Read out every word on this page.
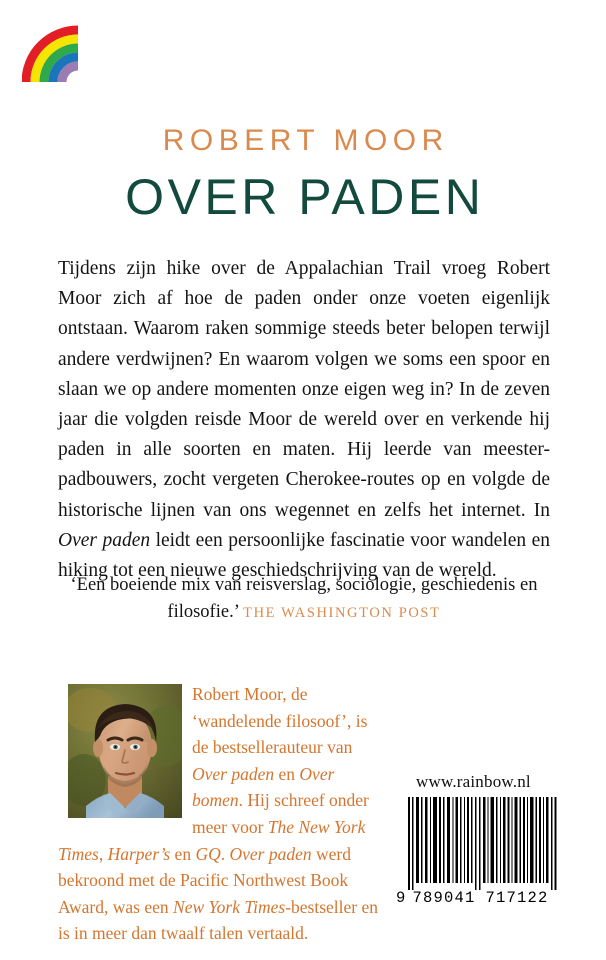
ROBERT MOOR
OVER PADEN
Tijdens zijn hike over de Appalachian Trail vroeg Robert Moor zich af hoe de paden onder onze voeten eigenlijk ontstaan. Waarom raken sommige steeds beter belopen terwijl andere verdwijnen? En waarom volgen we soms een spoor en slaan we op andere momenten onze eigen weg in? In de zeven jaar die volgden reisde Moor de wereld over en verkende hij paden in alle soorten en maten. Hij leerde van meester-padbouwers, zocht vergeten Cherokee-routes op en volgde de historische lijnen van ons wegennet en zelfs het internet. In Over paden leidt een persoonlijke fascinatie voor wandelen en hiking tot een nieuwe geschiedschrijving van de wereld.
‘Een boeiende mix van reisverslag, sociologie, geschiedenis en filosofie.’ THE WASHINGTON POST
Robert Moor, de ‘wandelende filosoof’, is de bestsellerauteur van Over paden en Over bomen. Hij schreef onder meer voor The New York Times, Harper’s en GQ. Over paden werd bekroond met de Pacific Northwest Book Award, was een New York Times-bestseller en is in meer dan twaalf talen vertaald.
www.rainbow.nl
9 789041 717122
